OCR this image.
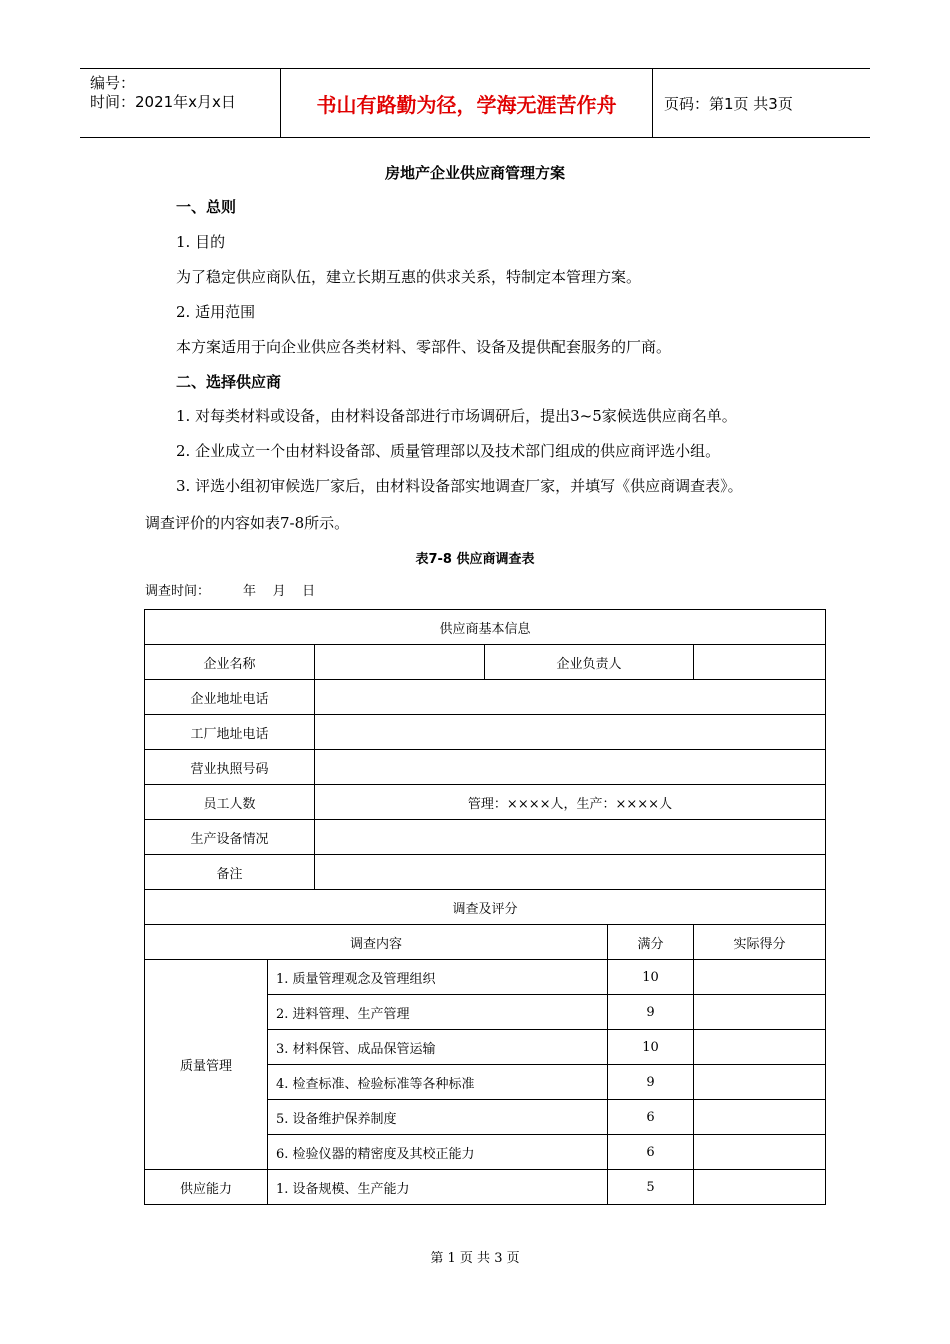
编号：
时间：2021年x月x日	书山有路勤为径，学海无涯苦作舟	页码：第1页 共3页
房地产企业供应商管理方案
一、总则
1. 目的
为了稳定供应商队伍，建立长期互惠的供求关系，特制定本管理方案。
2. 适用范围
本方案适用于向企业供应各类材料、零部件、设备及提供配套服务的厂商。
二、选择供应商
1. 对每类材料或设备，由材料设备部进行市场调研后，提出3~5家候选供应商名单。
2. 企业成立一个由材料设备部、质量管理部以及技术部门组成的供应商评选小组。
3. 评选小组初审候选厂家后，由材料设备部实地调查厂家，并填写《供应商调查表》。
调查评价的内容如表7-8所示。
表7-8 供应商调查表
调查时间：        年    月    日
供应商基本信息					
企业名称			企业负责人		
企业地址电话					
工厂地址电话					
营业执照号码					
员工人数		管理：××××人，生产：××××人			
生产设备情况					
备注					
调查及评分					
调查内容				满分	实际得分
质量管理	1. 质量管理观念及管理组织			10	
	2. 进料管理、生产管理			9	
	3. 材料保管、成品保管运输			10	
	4. 检查标准、检验标准等各种标准			9	
	5. 设备维护保养制度			6	
	6. 检验仪器的精密度及其校正能力			6	
供应能力	1. 设备规模、生产能力			5	
第 1 页 共 3 页
